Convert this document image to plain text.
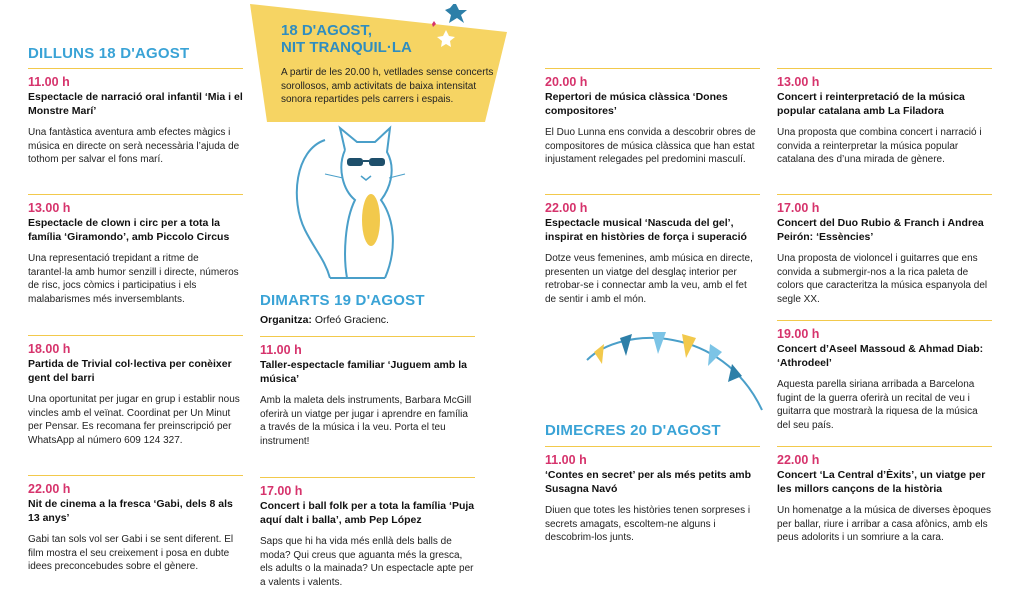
DILLUNS 18 D'AGOST
DIMARTS 19 D'AGOST
DIMECRES 20 D'AGOST
18 D'AGOST,
NIT TRANQUIL·LA
A partir de les 20.00 h, vetllades sense concerts sorollosos, amb activitats de baixa intensitat sonora repartides pels carrers i espais.
11.00 h
Espectacle de narració oral infantil ‘Mia i el Monstre Marí’
Una fantàstica aventura amb efectes màgics i música en directe on serà necessària l’ajuda de tothom per salvar el fons marí.
13.00 h
Espectacle de clown i circ per a tota la família ‘Giramondo’, amb Piccolo Circus
Una representació trepidant a ritme de tarantel·la amb humor senzill i directe, números de risc, jocs còmics i participatius i els malabarismes més inversemblants.
18.00 h
Partida de Trivial col·lectiva per conèixer gent del barri
Una oportunitat per jugar en grup i establir nous vincles amb el veïnat. Coordinat per Un Minut per Pensar. Es recomana fer preinscripció per WhatsApp al número 609 124 327.
22.00 h
Nit de cinema a la fresca ‘Gabi, dels 8 als 13 anys’
Gabi tan sols vol ser Gabi i se sent diferent. El film mostra el seu creixement i posa en dubte idees preconcebudes sobre el gènere.
Organitza: Orfeó Gracienc.
11.00 h
Taller-espectacle familiar ‘Juguem amb la música’
Amb la maleta dels instruments, Barbara McGill oferirà un viatge per jugar i aprendre en família a través de la música i la veu. Porta el teu instrument!
17.00 h
Concert i ball folk per a tota la família ‘Puja aquí dalt i balla’, amb Pep López
Saps que hi ha vida més enllà dels balls de moda? Qui creus que aguanta més la gresca, els adults o la mainada? Un espectacle apte per a valents i valents.
20.00 h
Repertori de música clàssica ‘Dones compositores’
El Duo Lunna ens convida a descobrir obres de compositores de música clàssica que han estat injustament relegades pel predomini masculí.
22.00 h
Espectacle musical ‘Nascuda del gel’, inspirat en històries de força i superació
Dotze veus femenines, amb música en directe, presenten un viatge del desglaç interior per retrobar-se i connectar amb la veu, amb el fet de sentir i amb el món.
11.00 h
‘Contes en secret’ per als més petits amb Susagna Navó
Diuen que totes les històries tenen sorpreses i secrets amagats, escoltem-ne alguns i descobrim-los junts.
13.00 h
Concert i reinterpretació de la música popular catalana amb La Filadora
Una proposta que combina concert i narració i convida a reinterpretar la música popular catalana des d’una mirada de gènere.
17.00 h
Concert del Duo Rubio & Franch i Andrea Peirón: ‘Essències’
Una proposta de violoncel i guitarres que ens convida a submergir-nos a la rica paleta de colors que caracteritza la música espanyola del segle XX.
19.00 h
Concert d’Aseel Massoud & Ahmad Diab: ‘Athrodeel’
Aquesta parella siriana arribada a Barcelona fugint de la guerra oferirà un recital de veu i guitarra que mostrarà la riquesa de la música del seu país.
22.00 h
Concert ‘La Central d’Èxits’, un viatge per les millors cançons de la història
Un homenatge a la música de diverses èpoques per ballar, riure i arribar a casa afònics, amb els peus adolorits i un somriure a la cara.
